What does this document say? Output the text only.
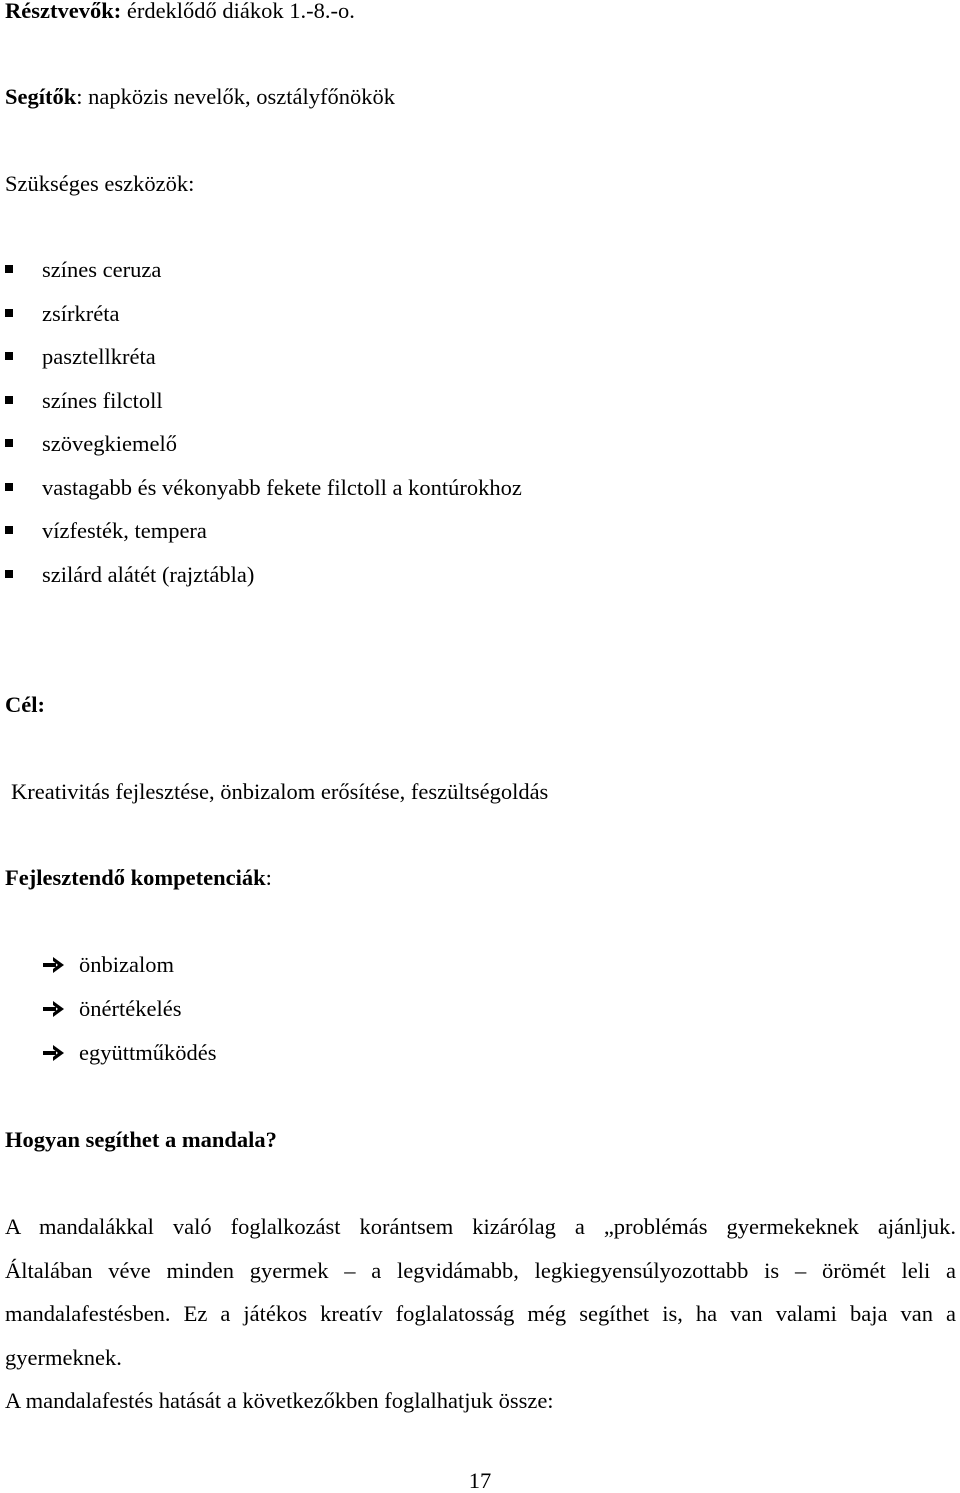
Résztvevők: érdeklődő diákok 1.-8.-o.
Segítők: napközis nevelők, osztályfőnökök
Szükséges eszközök:
színes ceruza
zsírkréta
pasztellkréta
színes filctoll
szövegkiemelő
vastagabb és vékonyabb fekete filctoll a kontúrokhoz
vízfesték, tempera
szilárd alátét (rajztábla)
Cél:
Kreativitás fejlesztése, önbizalom erősítése, feszültségoldás
Fejlesztendő kompetenciák:
önbizalom
önértékelés
együttműködés
Hogyan segíthet a mandala?
A mandalákkal való foglalkozást korántsem kizárólag a „problémás gyermekeknek ajánljuk.
Általában véve minden gyermek – a legvidámabb, legkiegyensúlyozottabb is – örömét leli a
mandalafestésben. Ez a játékos kreatív foglalatosság még segíthet is, ha van valami baja van a
gyermeknek.
A mandalafestés hatását a következőkben foglalhatjuk össze:
17
